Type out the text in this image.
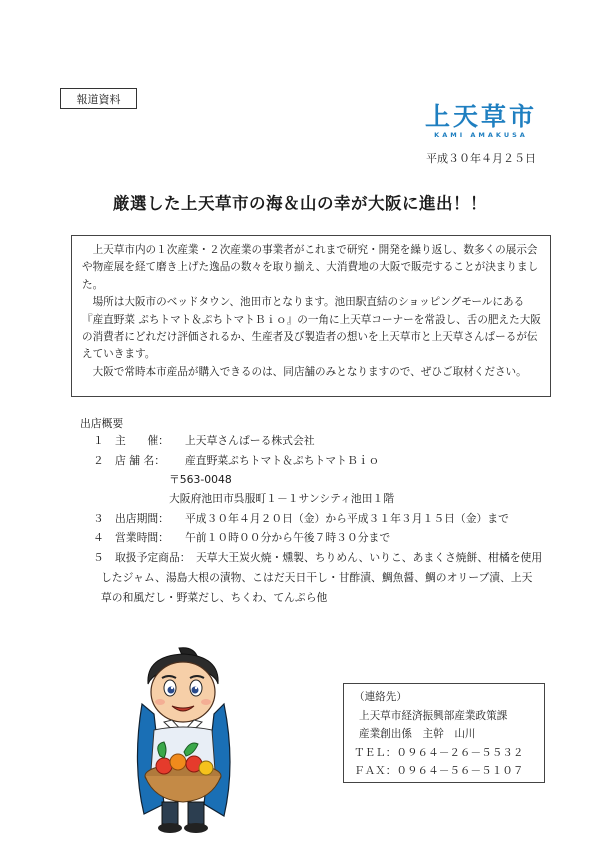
報道資料
上天草市
KAMI AMAKUSA
平成３０年４月２５日
厳選した上天草市の海＆山の幸が大阪に進出！！

上天草市内の１次産業・２次産業の事業者がこれまで研究・開発を繰り返し、数多くの展示会や物産展を経て磨き上げた逸品の数々を取り揃え、大消費地の大阪で販売することが決まりました。

場所は大阪市のベッドタウン、池田市となります。池田駅直結のショッピングモールにある『産直野菜 ぷちトマト＆ぷちトマトＢｉｏ』の一角に上天草コーナーを常設し、舌の肥えた大阪の消費者にどれだけ評価されるか、生産者及び製造者の想いを上天草市と上天草さんぱーるが伝えていきます。

大阪で常時本市産品が購入できるのは、同店舗のみとなりますので、ぜひご取材ください。

出店概要
１ 主　　催： 上天草さんぱーる株式会社
２ 店 舗 名： 産直野菜ぷちトマト＆ぷちトマトＢｉｏ
〒563-0048
大阪府池田市呉服町１－１サンシティ池田１階
３ 出店期間： 平成３０年４月２０日（金）から平成３１年３月１５日（金）まで
４ 営業時間： 午前１０時００分から午後７時３０分まで
５ 取扱予定商品：　 天草大王炭火焼・燻製、ちりめん、いりこ、あまくさ焼餅、柑橘を使用
したジャム、湯島大根の漬物、こはだ天日干し・甘酢漬、鯛魚醤、鯛のオリーブ漬、上天
草の和風だし・野菜だし、ちくわ、てんぷら他
（連絡先）
上天草市経済振興部産業政策課
産業創出係　主幹　山川
ＴＥＬ：０９６４－２６－５５３２
ＦＡＸ：０９６４－５６－５１０７
